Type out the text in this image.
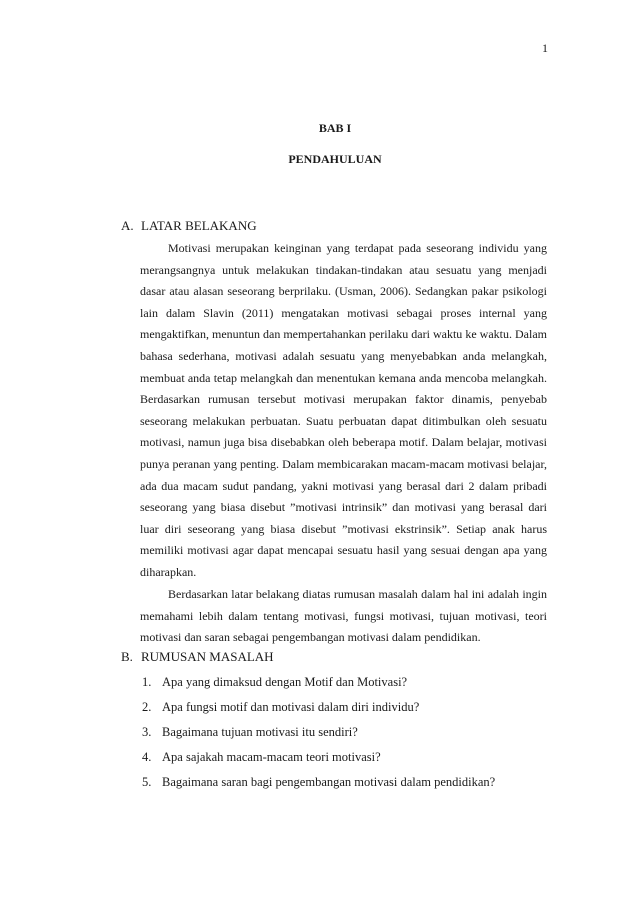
1
BAB I
PENDAHULUAN
A. LATAR BELAKANG

Motivasi merupakan keinginan yang terdapat pada seseorang individu yang merangsangnya untuk melakukan tindakan-tindakan atau sesuatu yang menjadi dasar atau alasan seseorang berprilaku. (Usman, 2006). Sedangkan pakar psikologi lain dalam Slavin (2011) mengatakan motivasi sebagai proses internal yang mengaktifkan, menuntun dan mempertahankan perilaku dari waktu ke waktu. Dalam bahasa sederhana, motivasi adalah sesuatu yang menyebabkan anda melangkah, membuat anda tetap melangkah dan menentukan kemana anda mencoba melangkah. Berdasarkan rumusan tersebut motivasi merupakan faktor dinamis, penyebab seseorang melakukan perbuatan. Suatu perbuatan dapat ditimbulkan oleh sesuatu motivasi, namun juga bisa disebabkan oleh beberapa motif. Dalam belajar, motivasi punya peranan yang penting. Dalam membicarakan macam-macam motivasi belajar, ada dua macam sudut pandang, yakni motivasi yang berasal dari 2 dalam pribadi seseorang yang biasa disebut ”motivasi intrinsik” dan motivasi yang berasal dari luar diri seseorang yang biasa disebut ”motivasi ekstrinsik”. Setiap anak harus memiliki motivasi agar dapat mencapai sesuatu hasil yang sesuai dengan apa yang diharapkan.

Berdasarkan latar belakang diatas rumusan masalah dalam hal ini adalah ingin memahami lebih dalam tentang motivasi, fungsi motivasi, tujuan motivasi, teori motivasi dan saran sebagai pengembangan motivasi dalam pendidikan.

B. RUMUSAN MASALAH
1. Apa yang dimaksud dengan Motif dan Motivasi?
2. Apa fungsi motif dan motivasi dalam diri individu?
3. Bagaimana tujuan motivasi itu sendiri?
4. Apa sajakah macam-macam teori motivasi?
5. Bagaimana saran bagi pengembangan motivasi dalam pendidikan?
